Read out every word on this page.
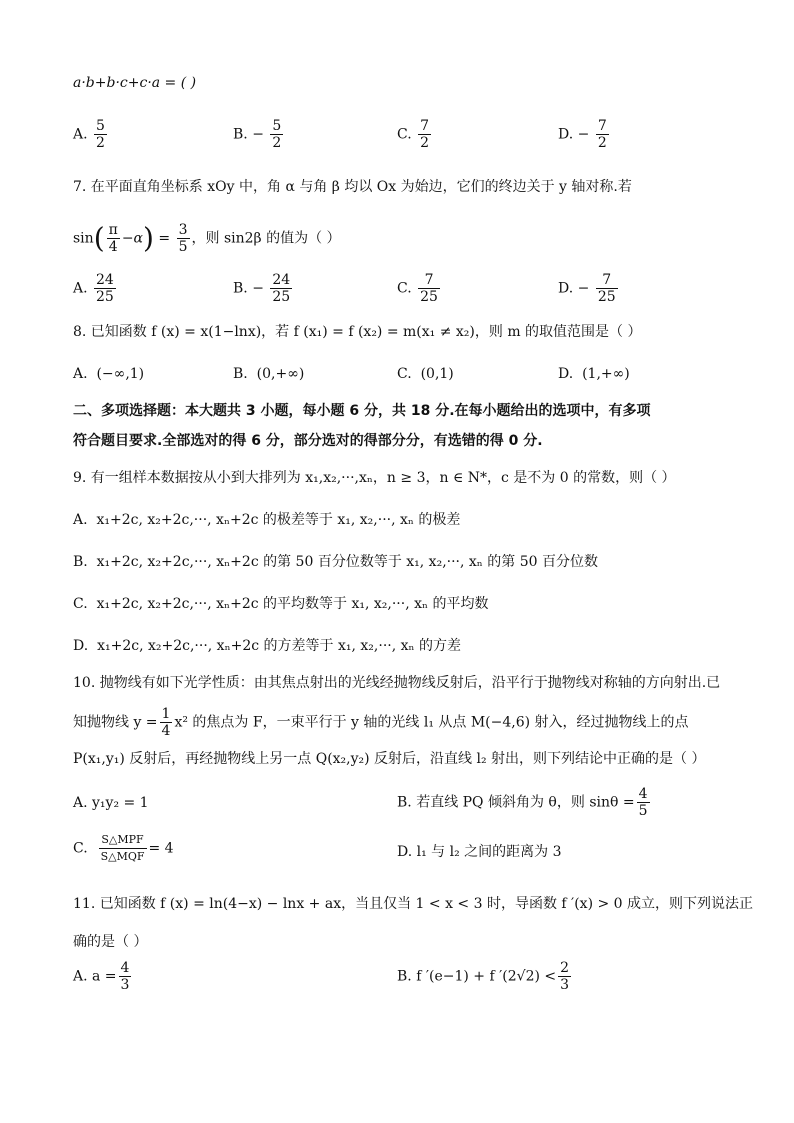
a·b+b·c+c·a = ( )
A. $\frac{5}{2}$	B. − $\frac{5}{2}$	C. $\frac{7}{2}$	D. − $\frac{7}{2}$
7. 在平面直角坐标系 xOy 中，角 α 与角 β 均以 Ox 为始边，它们的终边关于 y 轴对称.若
$\sin( \frac{\pi}{4} -\alpha) = \frac{3}{5}$ ，则 sin2β 的值为（ ）
A. $\frac{24}{25}$	B. − $\frac{24}{25}$	C. $\frac{7}{25}$	D. − $\frac{7}{25}$
8. 已知函数 f (x) = x(1−lnx)，若 f (x₁) = f (x₂) = m(x₁ ≠ x₂)，则 m 的取值范围是（ ）
A. (−∞,1)	B. (0,+∞)	C. (0,1)	D. (1,+∞)
二、多项选择题：本大题共 3 小题，每小题 6 分，共 18 分.在每小题给出的选项中，有多项
符合题目要求.全部选对的得 6 分，部分选对的得部分分，有选错的得 0 分.
9. 有一组样本数据按从小到大排列为 x₁,x₂,···,xₙ，n ≥ 3，n ∈ N*，c 是不为 0 的常数，则（ ）
A. x₁+2c, x₂+2c,···, xₙ+2c 的极差等于 x₁, x₂,···, xₙ 的极差
B. x₁+2c, x₂+2c,···, xₙ+2c 的第 50 百分位数等于 x₁, x₂,···, xₙ 的第 50 百分位数
C. x₁+2c, x₂+2c,···, xₙ+2c 的平均数等于 x₁, x₂,···, xₙ 的平均数
D. x₁+2c, x₂+2c,···, xₙ+2c 的方差等于 x₁, x₂,···, xₙ 的方差
10. 抛物线有如下光学性质：由其焦点射出的光线经抛物线反射后，沿平行于抛物线对称轴的方向射出.已
知抛物线 $y = \frac{1}{4} x^2$ 的焦点为 F，一束平行于 y 轴的光线 l₁ 从点 M(−4,6) 射入，经过抛物线上的点
P(x₁,y₁) 反射后，再经抛物线上另一点 Q(x₂,y₂) 反射后，沿直线 l₂ 射出，则下列结论中正确的是（ ）
A. y₁y₂ = 1	B. 若直线 PQ 倾斜角为 θ，则 $\sin\theta = \frac{4}{5}$
C. $\frac{\text{S△MPF}}{\text{S△MQF}} = 4$	D. l₁ 与 l₂ 之间的距离为 3
11. 已知函数 f (x) = ln(4−x) − lnx + ax，当且仅当 1 < x < 3 时，导函数 f ′(x) > 0 成立，则下列说法正
确的是（ ）
A. $a = \frac{4}{3}$	B. f ′(e−1) + f $'(2√2) < \frac{2}{3}$
